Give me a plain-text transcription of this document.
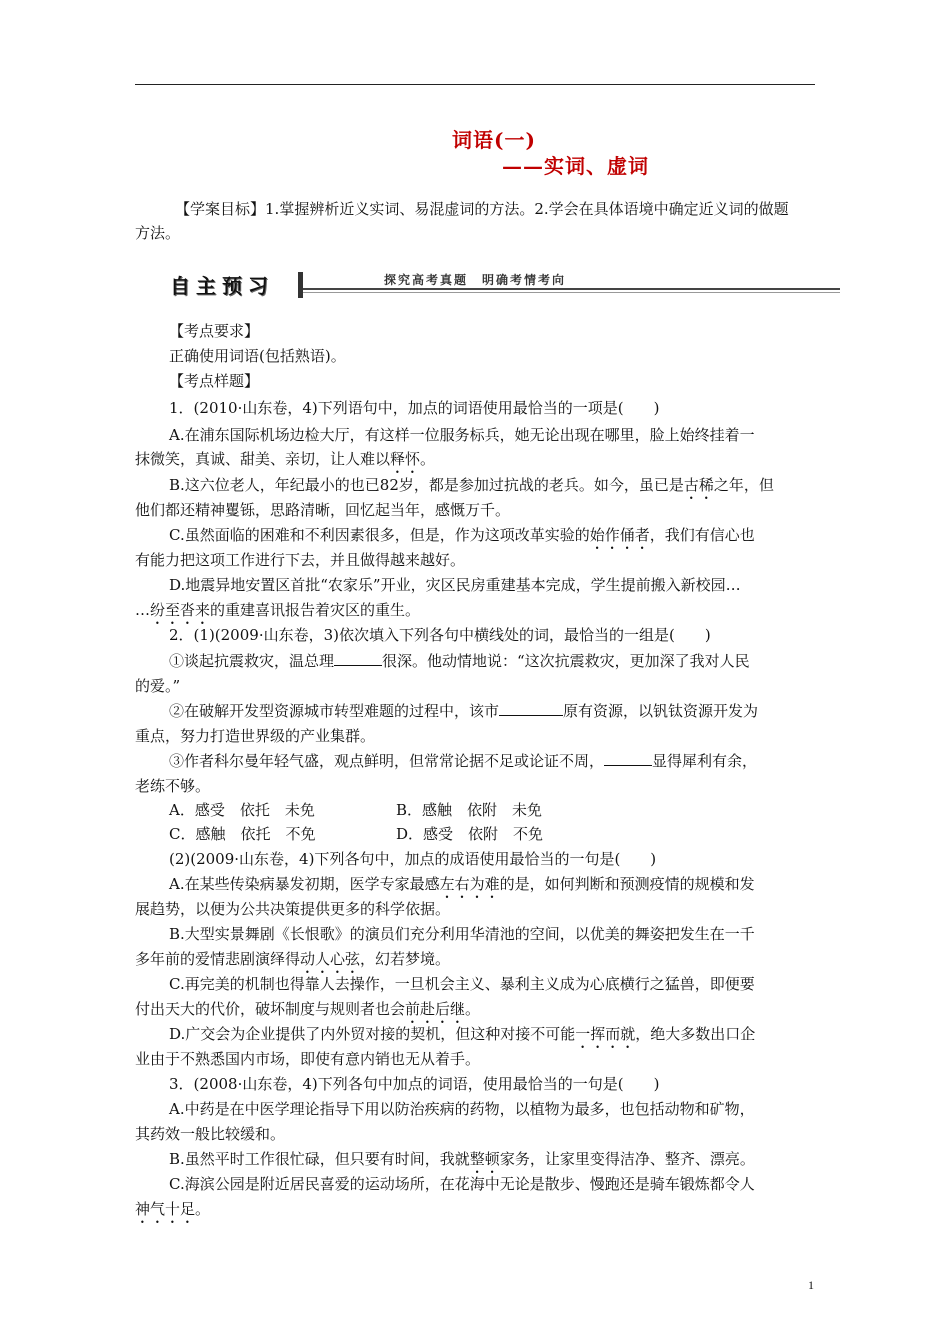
词语(一)
——实词、虚词
【学案目标】1.掌握辨析近义实词、易混虚词的方法。2.学会在具体语境中确定近义词的做题方法。
自主预习	探究高考真题　明确考情考向
【考点要求】
正确使用词语(包括熟语)。
【考点样题】
1．(2010·山东卷，4)下列语句中，加点的词语使用最恰当的一项是(　　)
A.在浦东国际机场边检大厅，有这样一位服务标兵，她无论出现在哪里，脸上始终挂着一
抹微笑，真诚、甜美、亲切，让人难以释怀。
B.这六位老人，年纪最小的也已82岁，都是参加过抗战的老兵。如今，虽已是古稀之年，但
他们都还精神矍铄，思路清晰，回忆起当年，感慨万千。
C.虽然面临的困难和不利因素很多，但是，作为这项改革实验的始作俑者，我们有信心也
有能力把这项工作进行下去，并且做得越来越好。
D.地震异地安置区首批“农家乐”开业，灾区民房重建基本完成，学生提前搬入新校园…
…纷至沓来的重建喜讯报告着灾区的重生。
2．(1)(2009·山东卷，3)依次填入下列各句中横线处的词，最恰当的一组是(　　)
①谈起抗震救灾，温总理	很深。他动情地说：“这次抗震救灾，更加深了我对人民
的爱。”
②在破解开发型资源城市转型难题的过程中，该市	原有资源，以钒钛资源开发为
重点，努力打造世界级的产业集群。
③作者科尔曼年轻气盛，观点鲜明，但常常论据不足或论证不周，	显得犀利有余，
老练不够。
A．感受　依托　未免	B．感触　依附　未免
C．感触　依托　不免	D．感受　依附　不免
(2)(2009·山东卷，4)下列各句中，加点的成语使用最恰当的一句是(　　)
A.在某些传染病暴发初期，医学专家最感左右为难的是，如何判断和预测疫情的规模和发
展趋势，以便为公共决策提供更多的科学依据。
B.大型实景舞剧《长恨歌》的演员们充分利用华清池的空间，以优美的舞姿把发生在一千
多年前的爱情悲剧演绎得动人心弦，幻若梦境。
C.再完美的机制也得靠人去操作，一旦机会主义、暴利主义成为心底横行之猛兽，即便要
付出天大的代价，破坏制度与规则者也会前赴后继。
D.广交会为企业提供了内外贸对接的契机，但这种对接不可能一挥而就，绝大多数出口企
业由于不熟悉国内市场，即使有意内销也无从着手。
3．(2008·山东卷，4)下列各句中加点的词语，使用最恰当的一句是(　　)
A.中药是在中医学理论指导下用以防治疾病的药物，以植物为最多，也包括动物和矿物，
其药效一般比较缓和。
B.虽然平时工作很忙碌，但只要有时间，我就整顿家务，让家里变得洁净、整齐、漂亮。
C.海滨公园是附近居民喜爱的运动场所，在花海中无论是散步、慢跑还是骑车锻炼都令人
神气十足。
1
